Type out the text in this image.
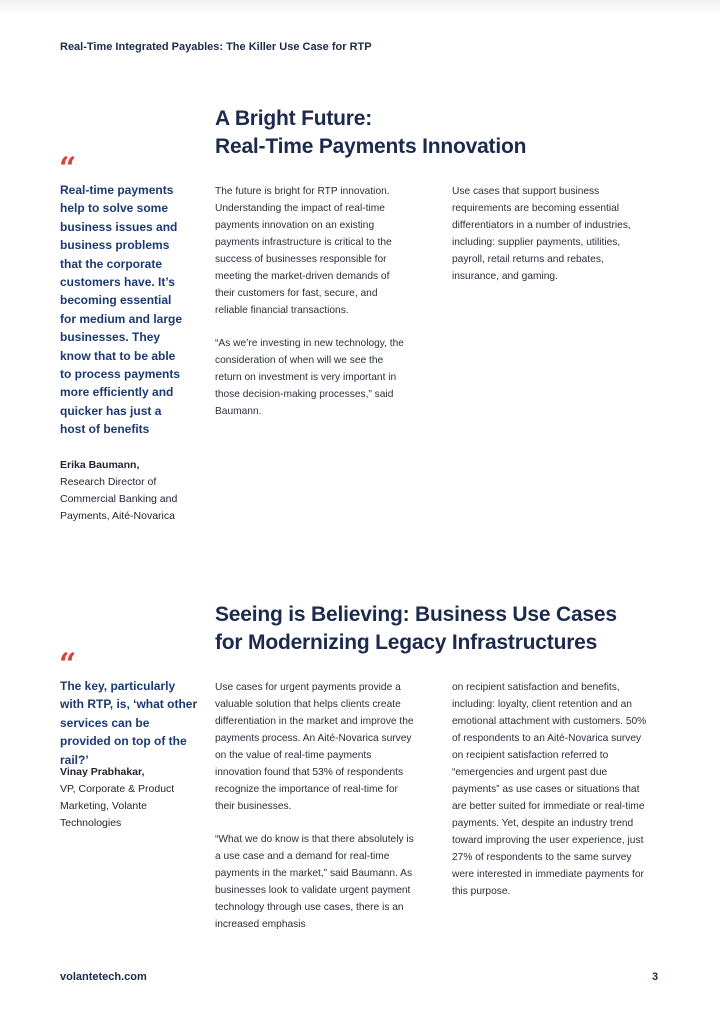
Real-Time Integrated Payables: The Killer Use Case for RTP
A Bright Future:
Real-Time Payments Innovation
“
Real-time payments help to solve some business issues and business problems that the corporate customers have. It’s becoming essential for medium and large businesses. They know that to be able to process payments more efficiently and quicker has just a host of benefits
Erika Baumann,
Research Director of Commercial Banking and Payments, Aité-Novarica
The future is bright for RTP innovation. Understanding the impact of real-time payments innovation on an existing payments infrastructure is critical to the success of businesses responsible for meeting the market-driven demands of their customers for fast, secure, and reliable financial transactions.
“As we’re investing in new technology, the consideration of when will we see the return on investment is very important in those decision-making processes,” said Baumann.
Use cases that support business requirements are becoming essential differentiators in a number of industries, including: supplier payments, utilities, payroll, retail returns and rebates, insurance, and gaming.
Seeing is Believing: Business Use Cases
for Modernizing Legacy Infrastructures
“
The key, particularly with RTP, is, ‘what other services can be provided on top of the rail?’
Vinay Prabhakar,
VP, Corporate & Product Marketing, Volante Technologies
Use cases for urgent payments provide a valuable solution that helps clients create differentiation in the market and improve the payments process. An Aité-Novarica survey on the value of real-time payments innovation found that 53% of respondents recognize the importance of real-time for their businesses.
“What we do know is that there absolutely is a use case and a demand for real-time payments in the market,” said Baumann. As businesses look to validate urgent payment technology through use cases, there is an increased emphasis
on recipient satisfaction and benefits, including: loyalty, client retention and an emotional attachment with customers. 50% of respondents to an Aité-Novarica survey on recipient satisfaction referred to “emergencies and urgent past due payments” as use cases or situations that are better suited for immediate or real-time payments. Yet, despite an industry trend toward improving the user experience, just 27% of respondents to the same survey were interested in immediate payments for this purpose.
volantetech.com	3
